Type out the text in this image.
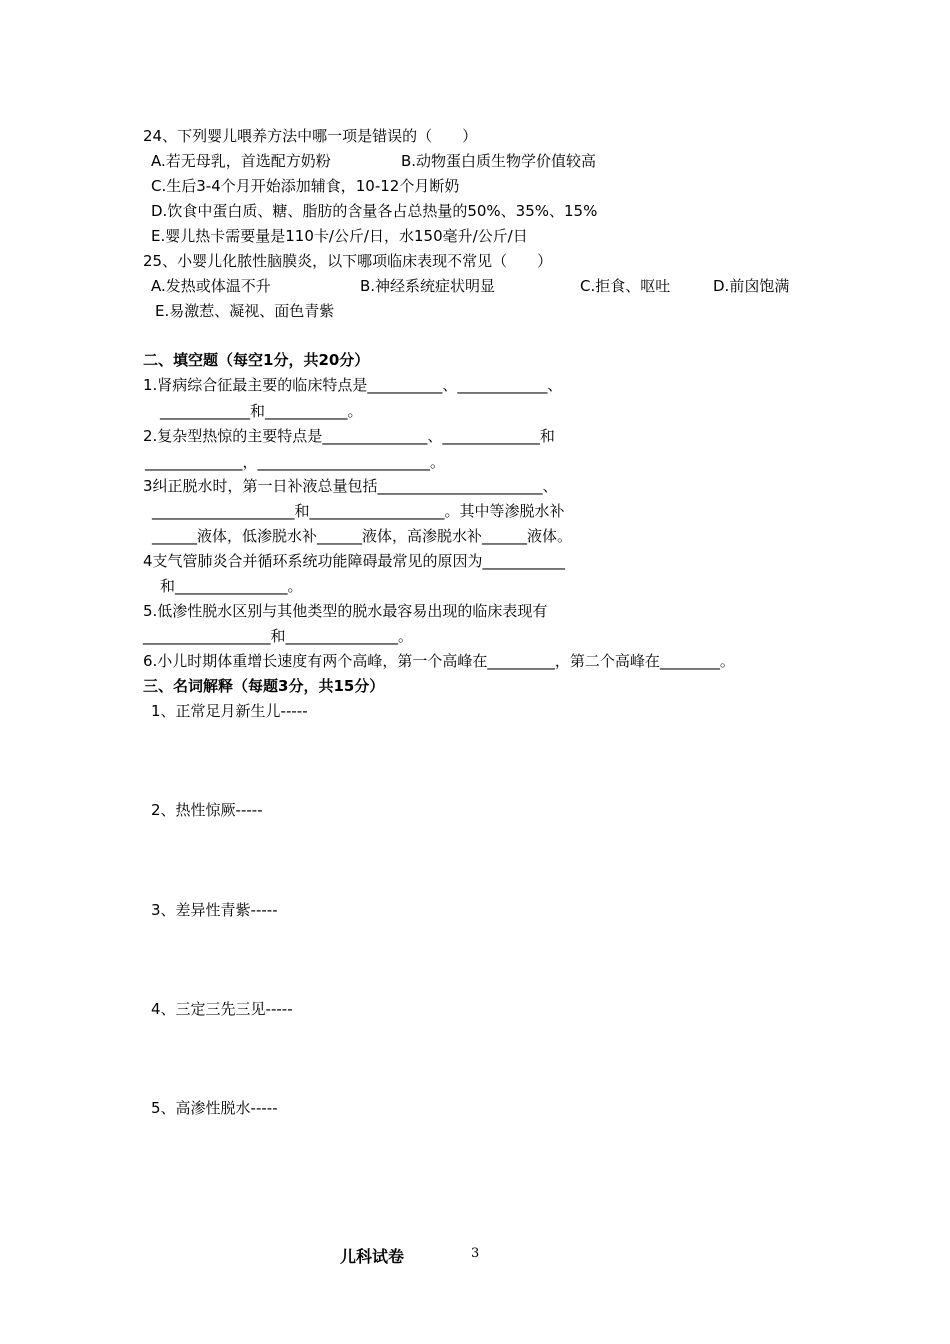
24、下列婴儿喂养方法中哪一项是错误的（　　）
A.若无母乳，首选配方奶粉	B.动物蛋白质生物学价值较高
C.生后3-4个月开始添加辅食，10-12个月断奶
D.饮食中蛋白质、糖、脂肪的含量各占总热量的50%、35%、15%
E.婴儿热卡需要量是110卡/公斤/日，水150毫升/公斤/日
25、小婴儿化脓性脑膜炎，以下哪项临床表现不常见（　　）
A.发热或体温不升	B.神经系统症状明显	C.拒食、呕吐	D.前囟饱满
E.易激惹、凝视、面色青紫
二、填空题（每空1分，共20分）
1.肾病综合征最主要的临床特点是__________、____________、
____________和___________。
2.复杂型热惊的主要特点是______________、_____________和
_____________，_______________________。
3纠正脱水时，第一日补液总量包括______________________、
___________________和__________________。其中等渗脱水补
______液体，低渗脱水补______液体，高渗脱水补______液体。
4支气管肺炎合并循环系统功能障碍最常见的原因为___________
和_______________。
5.低渗性脱水区别与其他类型的脱水最容易出现的临床表现有
_________________和_______________。
6.小儿时期体重增长速度有两个高峰，第一个高峰在_________，第二个高峰在________。
三、名词解释（每题3分，共15分）
1、正常足月新生儿-----
2、热性惊厥-----
3、差异性青紫-----
4、三定三先三见-----
5、高渗性脱水-----
儿科试卷	3
